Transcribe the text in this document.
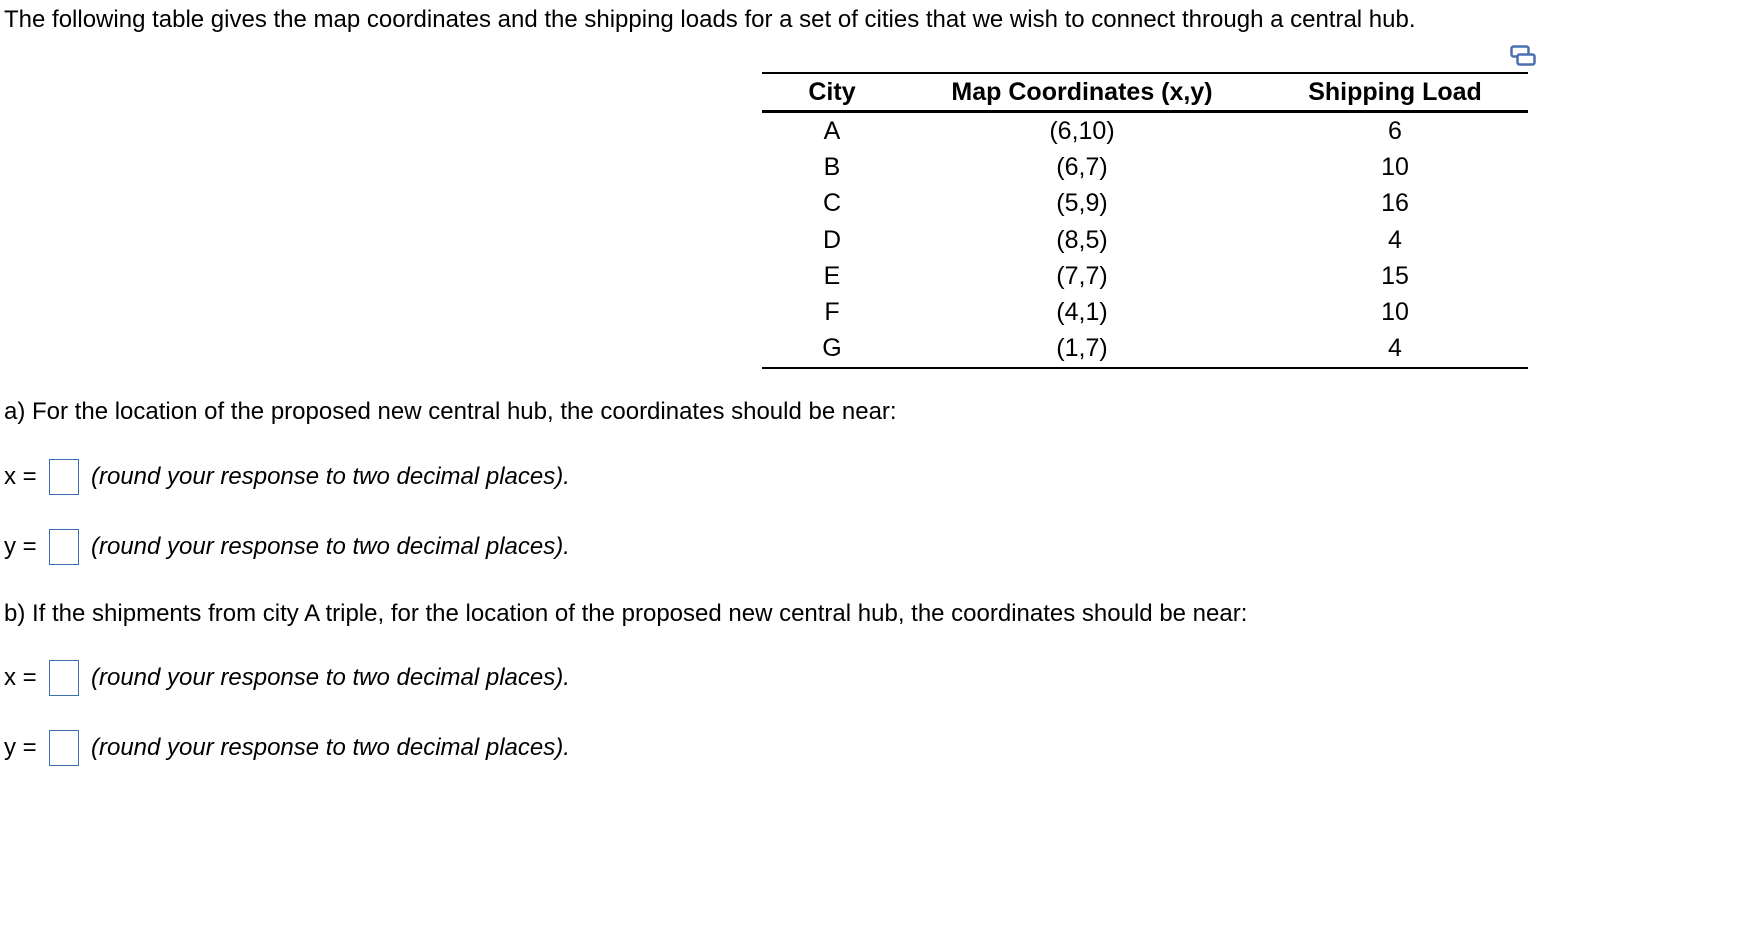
The following table gives the map coordinates and the shipping loads for a set of cities that we wish to connect through a central hub.

City	Map Coordinates (x,y)	Shipping Load
A	(6,10)	6
B	(6,7)	10
C	(5,9)	16
D	(8,5)	4
E	(7,7)	15
F	(4,1)	10
G	(1,7)	4

a) For the location of the proposed new central hub, the coordinates should be near:

x =	(round your response to two decimal places).
y =	(round your response to two decimal places).

b) If the shipments from city A triple, for the location of the proposed new central hub, the coordinates should be near:

x =	(round your response to two decimal places).
y =	(round your response to two decimal places).
